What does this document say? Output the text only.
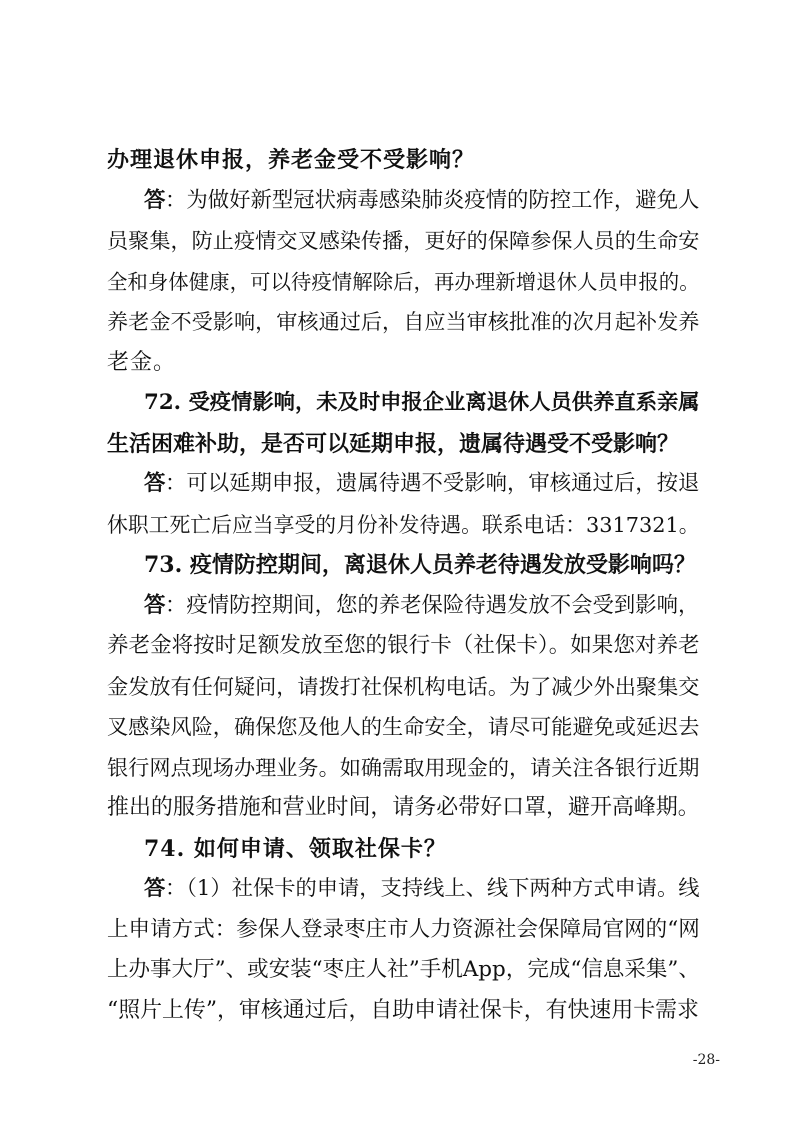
办理退休申报，养老金受不受影响？
答 ：为做好新型冠状病毒感染肺炎疫情的防控工作，避免人
员聚集，防止疫情交叉感染传播，更好的保障参保人员的生命安
全和身体健康，可以待疫情解除后，再办理新增退休人员申报的。
养老金不受影响，审核通过后，自应当审核批准的次月起补发养
老金。
72. 受疫情影响，未及时申报企业离退休人员供养直系亲属
生活困难补助，是否可以延期申报，遗属待遇受不受影响？
答 ：可以延期申报，遗属待遇不受影响，审核通过后，按退
休职工死亡后应当享受的月份补发待遇。联系电话：3317321。
73. 疫情防控期间，离退休人员养老待遇发放受影响吗？
答 ：疫情防控期间，您的养老保险待遇发放不会受到影响，
养老金将按时足额发放至您的银行卡（社保卡）。如果您对养老
金发放有任何疑问，请拨打社保机构电话。为了减少外出聚集交
叉感染风险，确保您及他人的生命安全，请尽可能避免或延迟去
银行网点现场办理业务。如确需取用现金的，请关注各银行近期
推出的服务措施和营业时间，请务必带好口罩，避开高峰期。
74. 如何申请、领取社保卡？
答 ：（1）社保卡的申请，支持线上、线下两种方式申请。线
上申请方式：参保人登录枣庄市人力资源社会保障局官网的“网
上办事大厅”、或安装“枣庄人社”手机App，完成“信息采集”、
“照片上传”，审核通过后，自助申请社保卡，有快速用卡需求
-28-
